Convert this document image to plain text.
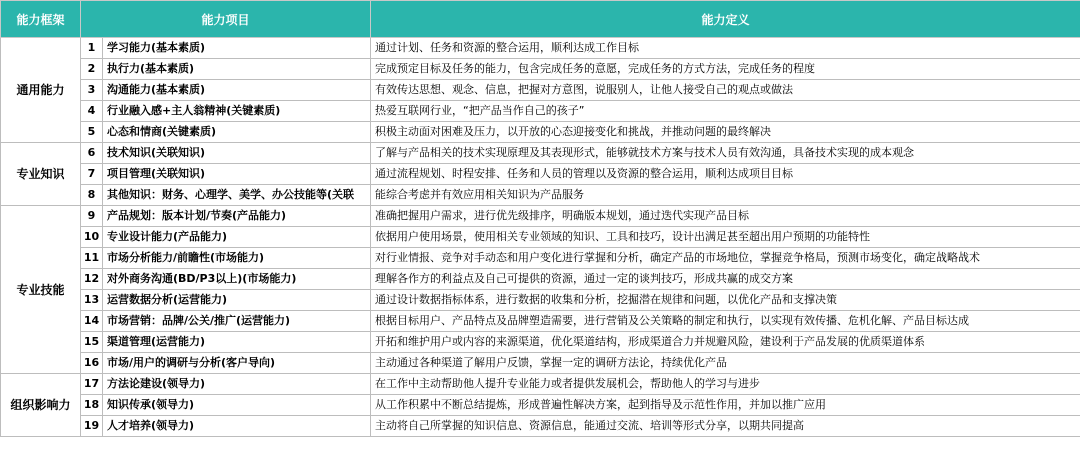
能力框架	能力项目		能力定义
通用能力	1	学习能力(基本素质)	通过计划、任务和资源的整合运用，顺利达成工作目标
	2	执行力(基本素质)	完成预定目标及任务的能力，包含完成任务的意愿，完成任务的方式方法，完成任务的程度
	3	沟通能力(基本素质)	有效传达思想、观念、信息，把握对方意图，说服别人，让他人接受自己的观点或做法
	4	行业融入感+主人翁精神(关键素质)	热爱互联网行业，“把产品当作自己的孩子”
	5	心态和情商(关键素质)	积极主动面对困难及压力，以开放的心态迎接变化和挑战，并推动问题的最终解决
专业知识	6	技术知识(关联知识)	了解与产品相关的技术实现原理及其表现形式，能够就技术方案与技术人员有效沟通，具备技术实现的成本观念
	7	项目管理(关联知识)	通过流程规划、时程安排、任务和人员的管理以及资源的整合运用，顺利达成项目目标
	8	其他知识：财务、心理学、美学、办公技能等(关联	能综合考虑并有效应用相关知识为产品服务
专业技能	9	产品规划：版本计划/节奏(产品能力)	准确把握用户需求，进行优先级排序，明确版本规划，通过迭代实现产品目标
	10	专业设计能力(产品能力)	依据用户使用场景，使用相关专业领域的知识、工具和技巧，设计出满足甚至超出用户预期的功能特性
	11	市场分析能力/前瞻性(市场能力)	对行业情报、竞争对手动态和用户变化进行掌握和分析，确定产品的市场地位，掌握竞争格局，预测市场变化，确定战略战术
	12	对外商务沟通(BD/P3以上)(市场能力)	理解各作方的利益点及自己可提供的资源，通过一定的谈判技巧，形成共赢的成交方案
	13	运营数据分析(运营能力)	通过设计数据指标体系，进行数据的收集和分析，挖掘潜在规律和问题，以优化产品和支撑决策
	14	市场营销：品牌/公关/推广(运营能力)	根据目标用户、产品特点及品牌塑造需要，进行营销及公关策略的制定和执行，以实现有效传播、危机化解、产品目标达成
	15	渠道管理(运营能力)	开拓和维护用户或内容的来源渠道，优化渠道结构，形成渠道合力并规避风险，建设利于产品发展的优质渠道体系
	16	市场/用户的调研与分析(客户导向)	主动通过各种渠道了解用户反馈，掌握一定的调研方法论，持续优化产品
组织影响力	17	方法论建设(领导力)	在工作中主动帮助他人提升专业能力或者提供发展机会，帮助他人的学习与进步
	18	知识传承(领导力)	从工作积累中不断总结提炼，形成普遍性解决方案，起到指导及示范性作用，并加以推广应用
	19	人才培养(领导力)	主动将自己所掌握的知识信息、资源信息，能通过交流、培训等形式分享，以期共同提高
